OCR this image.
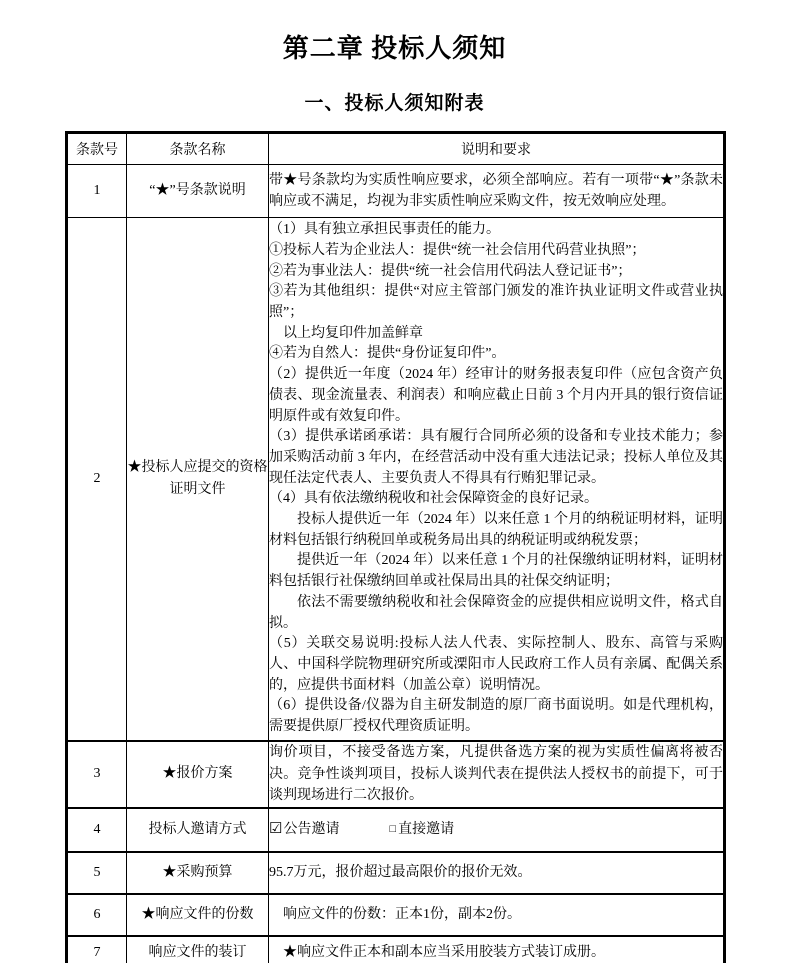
第二章 投标人须知
一、投标人须知附表
条款号	条款名称	说明和要求
1	“★”号条款说明	带★号条款均为实质性响应要求，必须全部响应。若有一项带“★”条款未响应或不满足，均视为非实质性响应采购文件，按无效响应处理。

2	★投标人应提交的资格证明文件	
（1）具有独立承担民事责任的能力。
①投标人若为企业法人：提供“统一社会信用代码营业执照”；
②若为事业法人：提供“统一社会信用代码法人登记证书”；
③若为其他组织：提供“对应主管部门颁发的准许执业证明文件或营业执照”；
以上均复印件加盖鲜章
④若为自然人：提供“身份证复印件”。
（2）提供近一年度（2024 年）经审计的财务报表复印件（应包含资产负债表、现金流量表、利润表）和响应截止日前 3 个月内开具的银行资信证明原件或有效复印件。
（3）提供承诺函承诺：具有履行合同所必须的设备和专业技术能力；参加采购活动前 3 年内，在经营活动中没有重大违法记录；投标人单位及其现任法定代表人、主要负责人不得具有行贿犯罪记录。
（4）具有依法缴纳税收和社会保障资金的良好记录。
投标人提供近一年（2024 年）以来任意 1 个月的纳税证明材料，证明材料包括银行纳税回单或税务局出具的纳税证明或纳税发票；
提供近一年（2024 年）以来任意 1 个月的社保缴纳证明材料，证明材料包括银行社保缴纳回单或社保局出具的社保交纳证明；
依法不需要缴纳税收和社会保障资金的应提供相应说明文件，格式自拟。
（5）关联交易说明:投标人法人代表、实际控制人、股东、高管与采购人、中国科学院物理研究所或溧阳市人民政府工作人员有亲属、配偶关系的，应提供书面材料（加盖公章）说明情况。
（6）提供设备/仪器为自主研发制造的原厂商书面说明。如是代理机构，需要提供原厂授权代理资质证明。

3	★报价方案	询价项目，不接受备选方案，凡提供备选方案的视为实质性偏离将被否决。竞争性谈判项目，投标人谈判代表在提供法人授权书的前提下，可于谈判现场进行二次报价。

4	投标人邀请方式	☑ 公告邀请 □ 直接邀请

5	★采购预算	95.7万元，报价超过最高限价的报价无效。

6	★响应文件的份数	响应文件的份数：正本1份，副本2份。

7	响应文件的装订	★响应文件正本和副本应当采用胶装方式装订成册。
